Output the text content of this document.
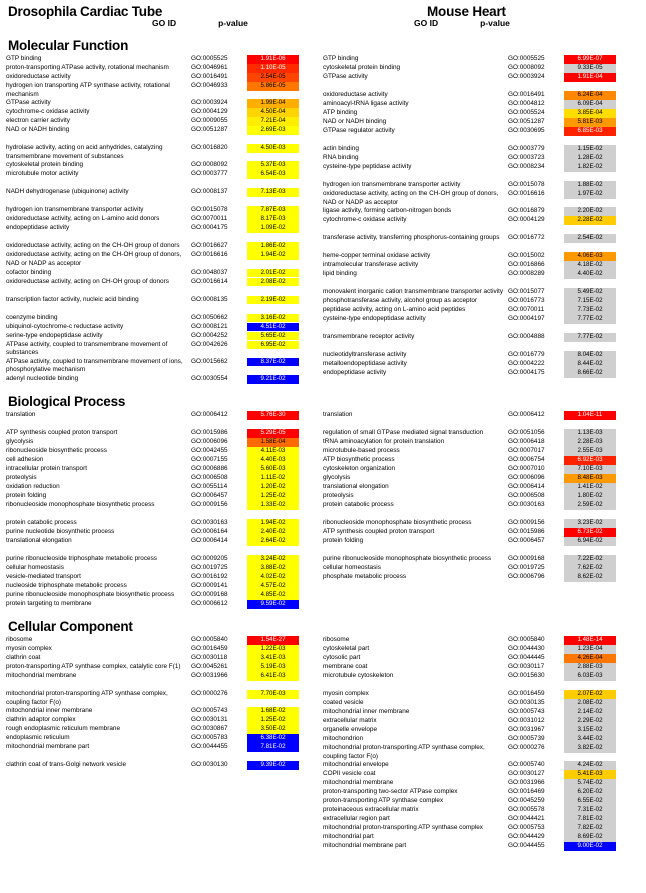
Drosophila Cardiac Tube	Mouse Heart
GO ID	p-value	GO ID	p-value
Molecular Function
GTP binding	GO:0005525	1.91E-06
proton-transporting ATPase activity, rotational mechanism	GO:0046961	1.10E-05
oxidoreductase activity	GO:0016491	2.54E-05
hydrogen ion transporting ATP synthase activity, rotational mechanism
GO:0046933	5.86E-05
GTPase activity	GO:0003924	1.99E-04
cytochrome-c oxidase activity	GO:0004129	4.50E-04
electron carrier activity	GO:0009055	7.21E-04
NAD or NADH binding	GO:0051287	2.69E-03
hydrolase activity, acting on acid anhydrides, catalyzing transmembrane movement of substances
GO:0016820	4.50E-03
cytoskeletal protein binding	GO:0008092	5.37E-03
microtubule motor activity	GO:0003777	6.54E-03
NADH dehydrogenase (ubiquinone) activity	GO:0008137	7.13E-03
hydrogen ion transmembrane transporter activity	GO:0015078	7.87E-03
oxidoreductase activity, acting on L-amino acid donors	GO:0070011	8.17E-03
endopeptidase activity	GO:0004175	1.09E-02
oxidoreductase activity, acting on the CH-OH group of donors	GO:0016627	1.86E-02
oxidoreductase activity, acting on the CH-OH group of donors, NAD or NADP as acceptor
GO:0016616	1.94E-02
cofactor binding	GO:0048037	2.01E-02
oxidoreductase activity, acting on CH-OH group of donors	GO:0016614	2.08E-02
transcription factor activity, nucleic acid binding	GO:0008135	2.19E-02
coenzyme binding	GO:0050662	3.16E-02
ubiquinol-cytochrome-c reductase activity	GO:0008121	4.51E-02
serine-type endopeptidase activity	GO:0004252	5.65E-02
ATPase activity, coupled to transmembrane movement of substances
GO:0042626	6.95E-02
ATPase activity, coupled to transmembrane movement of ions, phosphorylative mechanism
GO:0015662	8.37E-02
adenyl nucleotide binding	GO:0030554	9.21E-02
GTP binding	GO:0005525	6.99E-07
cytoskeletal protein binding	GO:0008092	9.33E-05
GTPase activity	GO:0003924	1.91E-04
oxidoreductase activity	GO:0016491	6.24E-04
aminoacyl-tRNA ligase activity	GO:0004812	6.09E-04
ATP binding	GO:0005524	3.85E-04
NAD or NADH binding	GO:0051287	5.81E-03
GTPase regulator activity	GO:0030695	6.85E-03
actin binding	GO:0003779	1.15E-02
RNA binding	GO:0003723	1.28E-02
cysteine-type peptidase activity	GO:0008234	1.82E-02
hydrogen ion transmembrane transporter activity	GO:0015078	1.88E-02
oxidoreductase activity, acting on the CH-OH group of donors, NAD or NADP as acceptor
GO:0016616	1.97E-02
ligase activity, forming carbon-nitrogen bonds	GO:0016879	2.20E-02
cytochrome-c oxidase activity	GO:0004129	2.28E-02
transferase activity, transferring phosphorus-containing groups	GO:0016772	2.54E-02
heme-copper terminal oxidase activity	GO:0015002	4.06E-03
intramolecular transferase activity	GO:0016866	4.18E-02
lipid binding	GO:0008289	4.40E-02
monovalent inorganic cation transmembrane transporter activity GO:0015077	5.49E-02
phosphotransferase activity, alcohol group as acceptor	GO:0016773	7.15E-02
peptidase activity, acting on L-amino acid peptides	GO:0070011	7.73E-02
cysteine-type endopeptidase activity	GO:0004197	7.77E-02
transmembrane receptor activity	GO:0004888	7.77E-02
nucleotidyltransferase activity	GO:0016779	8.04E-02
metalloendopeptidase activity	GO:0004222	8.44E-02
endopeptidase activity	GO:0004175	8.66E-02
Biological Process
translation	GO:0006412	5.76E-30
ATP synthesis coupled proton transport	GO:0015986	5.29E-05
glycolysis	GO:0006096	1.58E-04
ribonucleoside biosynthetic process	GO:0042455	4.11E-03
cell adhesion	GO:0007155	4.40E-03
intracellular protein transport	GO:0006886	5.60E-03
proteolysis	GO:0006508	1.11E-02
oxidation reduction	GO:0055114	1.20E-02
protein folding	GO:0006457	1.25E-02
ribonucleoside monophosphate biosynthetic process	GO:0009156	1.33E-02
protein catabolic process	GO:0030163	1.94E-02
purine nucleotide biosynthetic process	GO:0006164	2.40E-02
translational elongation	GO:0006414	2.64E-02
purine ribonucleoside triphosphate metabolic process	GO:0009205	3.24E-02
cellular homeostasis	GO:0019725	3.88E-02
vesicle-mediated transport	GO:0016192	4.02E-02
nucleoside triphosphate metabolic process	GO:0009141	4.57E-02
purine ribonucleoside monophosphate biosynthetic process	GO:0009168	4.85E-02
protein targeting to membrane	GO:0006612	9.59E-02
translation	GO:0006412	1.04E-11
regulation of small GTPase mediated signal transduction	GO:0051056	1.13E-03
tRNA aminoacylation for protein translation	GO:0006418	2.28E-03
microtubule-based process	GO:0007017	2.55E-03
ATP biosynthetic process	GO:0006754	6.92E-03
cytoskeleton organization	GO:0007010	7.10E-03
glycolysis	GO:0006096	8.48E-03
translational elongation	GO:0006414	1.41E-02
proteolysis	GO:0006508	1.80E-02
protein catabolic process	GO:0030163	2.59E-02
ribonucleoside monophosphate biosynthetic process	GO:0009156	3.23E-02
ATP synthesis coupled proton transport	GO:0015986	6.73E-02
protein folding	GO:0006457	6.94E-02
purine ribonucleoside monophosphate biosynthetic process	GO:0009168	7.22E-02
cellular homeostasis	GO:0019725	7.62E-02
phosphate metabolic process	GO:0006796	8.62E-02
Cellular Component
ribosome	GO:0005840	1.54E-27
myosin complex	GO:0016459	1.22E-03
clathrin coat	GO:0030118	3.41E-03
proton-transporting ATP synthase complex, catalytic core F(1)	GO:0045261	5.19E-03
mitochondrial membrane	GO:0031966	6.41E-03
mitochondrial proton-transporting ATP synthase complex, coupling factor F(o)
GO:0000276	7.70E-03
mitochondrial inner membrane	GO:0005743	1.68E-02
clathrin adaptor complex	GO:0030131	1.25E-02
rough endoplasmic reticulum membrane	GO:0030867	3.50E-02
endoplasmic reticulum	GO:0005783	6.38E-02
mitochondrial membrane part	GO:0044455	7.81E-02
clathrin coat of trans-Golgi network vesicle	GO:0030130	9.39E-02
ribosome	GO:0005840	1.48E-14
cytoskeletal part	GO:0044430	1.23E-04
cytosolic part	GO:0044445	4.26E-04
membrane coat	GO:0030117	2.88E-03
microtubule cytoskeleton	GO:0015630	6.03E-03
myosin complex	GO:0016459	2.07E-02
coated vesicle	GO:0030135	2.08E-02
mitochondrial inner membrane	GO:0005743	2.14E-02
extracellular matrix	GO:0031012	2.29E-02
organelle envelope	GO:0031967	3.15E-02
mitochondrion	GO:0005739	3.44E-02
mitochondrial proton-transporting ATP synthase complex, coupling factor F(o)
GO:0000276	3.82E-02
mitochondrial envelope	GO:0005740	4.24E-02
COPII vesicle coat	GO:0030127	5.41E-03
mitochondrial membrane	GO:0031966	5.74E-02
proton-transporting two-sector ATPase complex	GO:0016469	6.20E-02
proton-transporting ATP synthase complex	GO:0045259	6.55E-02
proteinaceous extracellular matrix	GO:0005578	7.31E-02
extracellular region part	GO:0044421	7.81E-02
mitochondrial proton-transporting ATP synthase complex	GO:0005753	7.82E-02
mitochondrial part	GO:0044429	8.69E-02
mitochondrial membrane part	GO:0044455	9.00E-02
